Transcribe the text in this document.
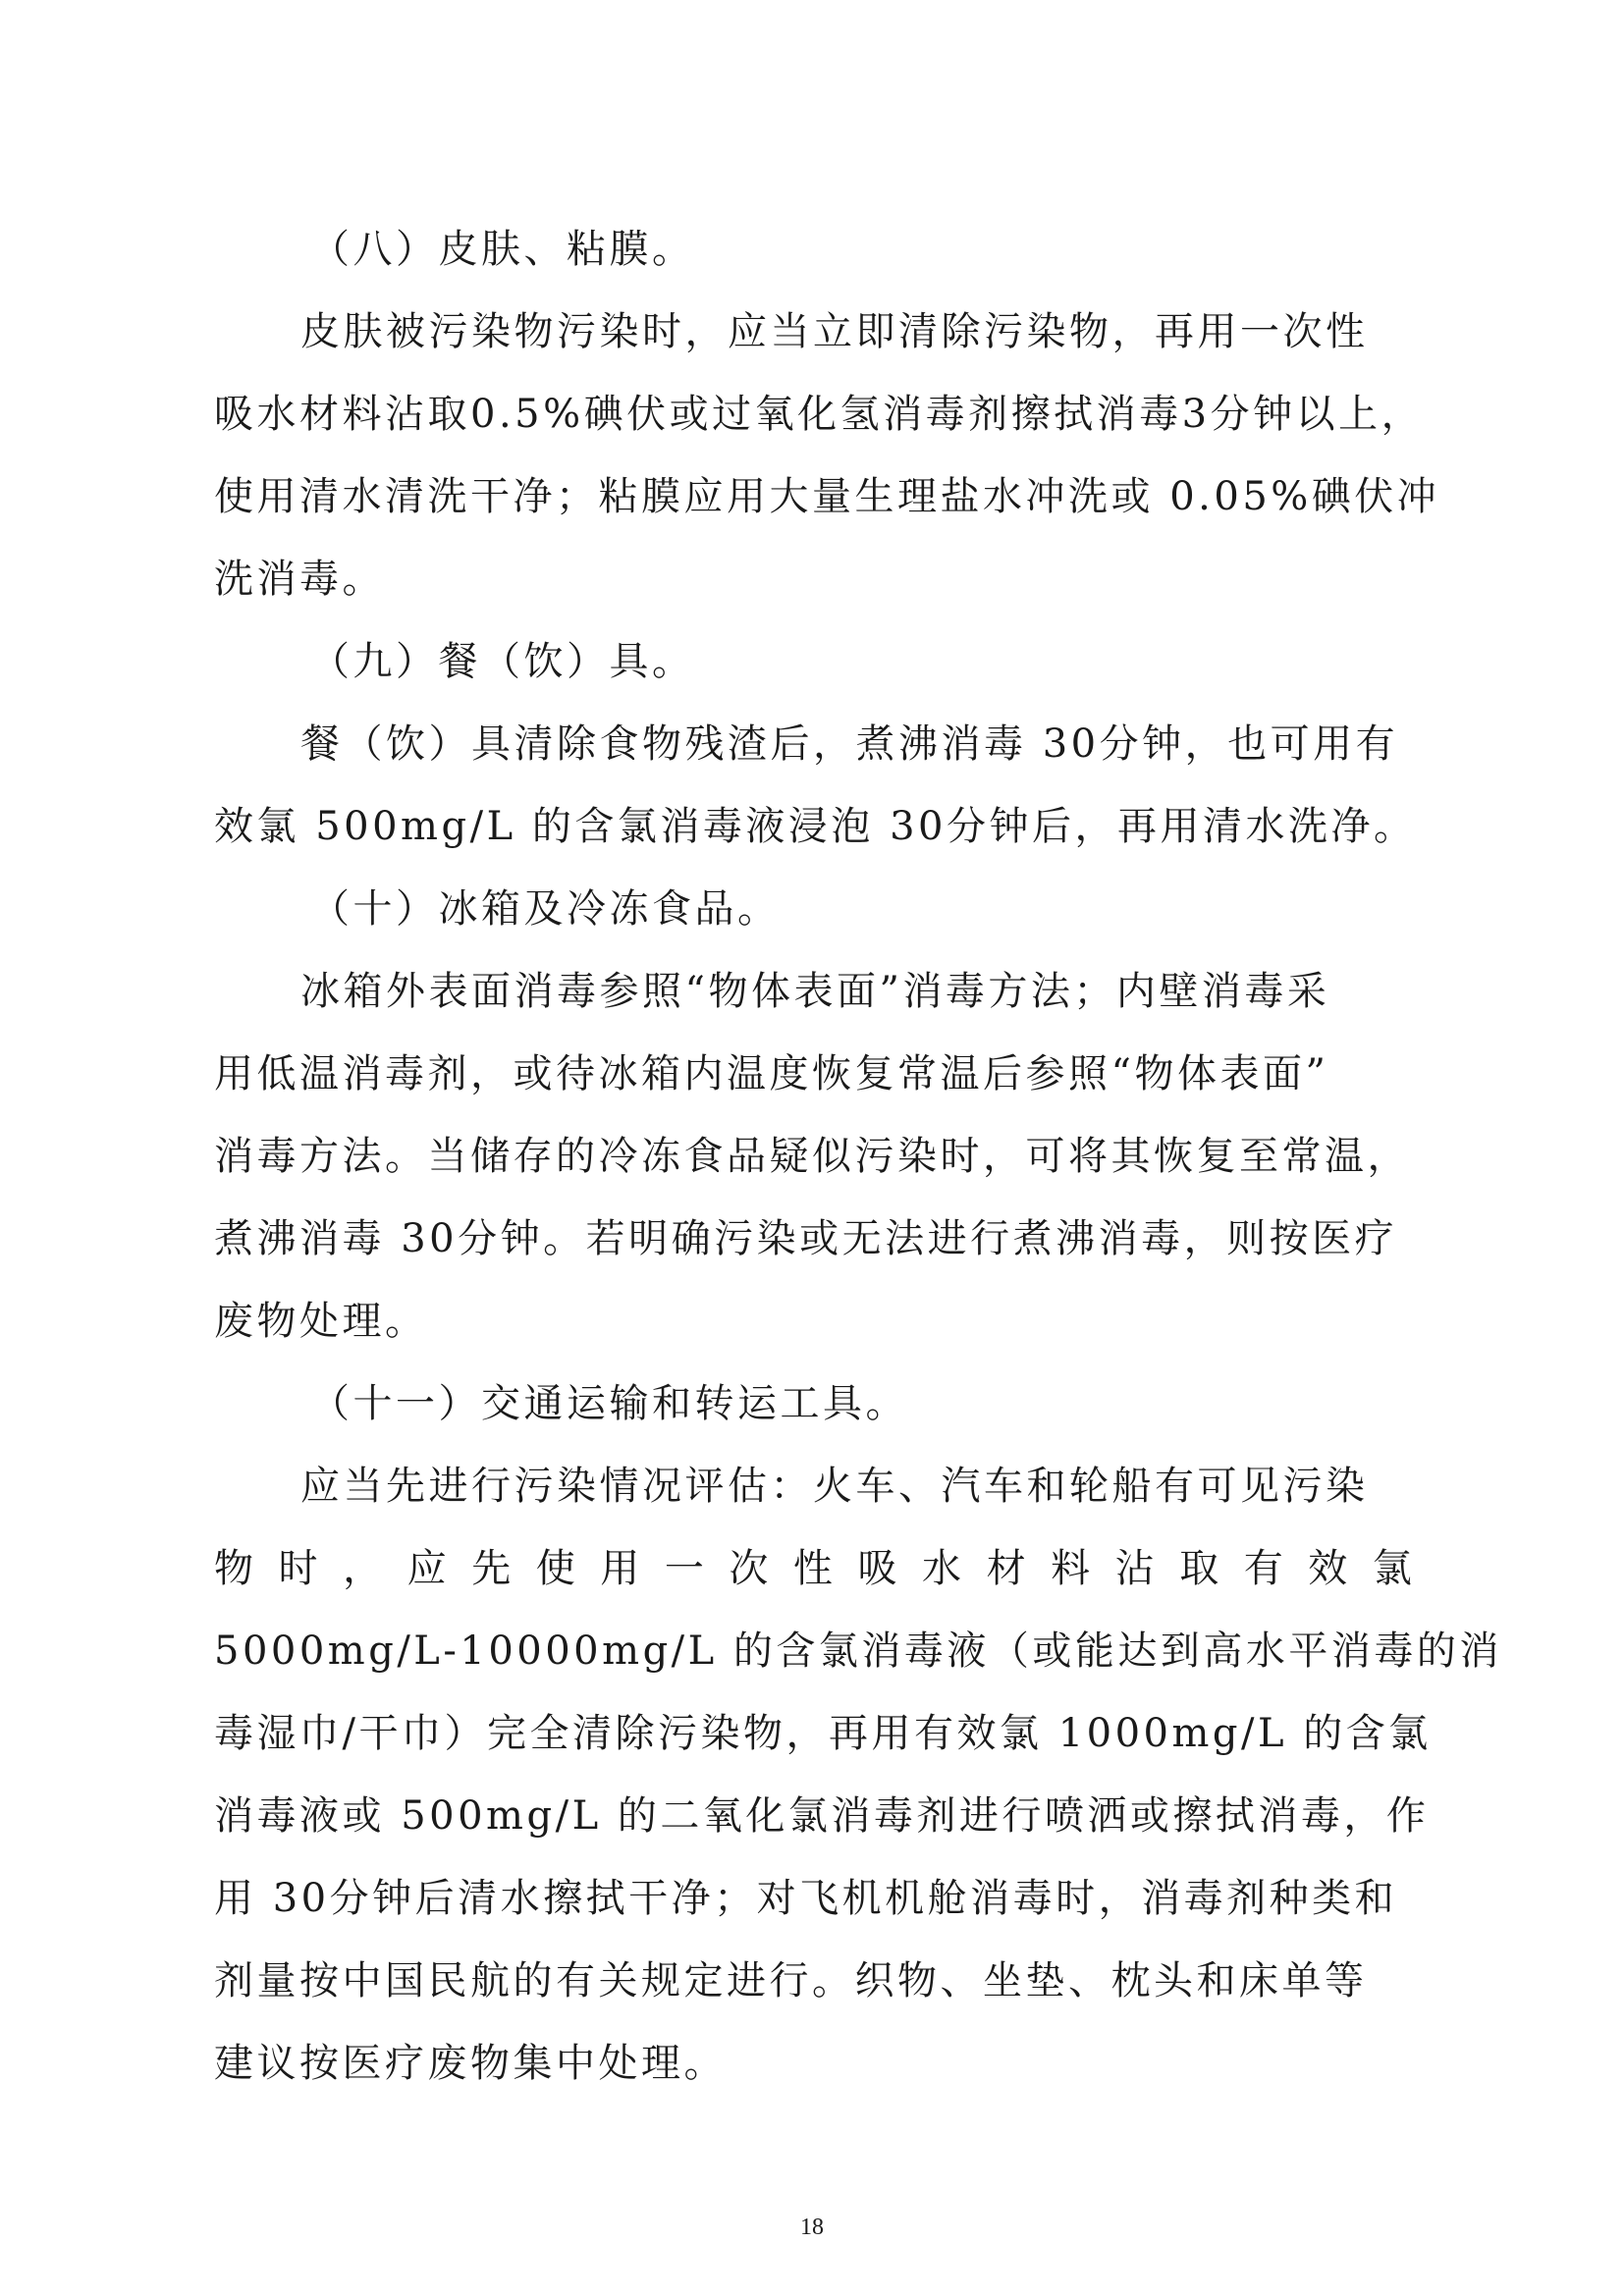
（八）皮肤、粘膜。
皮肤被污染物污染时，应当立即清除污染物，再用一次性
吸水材料沾取0.5%碘伏或过氧化氢消毒剂擦拭消毒3分钟以上，
使用清水清洗干净；粘膜应用大量生理盐水冲洗或 0.05%碘伏冲
洗消毒。
（九）餐（饮）具。
餐（饮）具清除食物残渣后，煮沸消毒 30分钟，也可用有
效氯 500mg/L 的含氯消毒液浸泡 30分钟后，再用清水洗净。
（十）冰箱及冷冻食品。
冰箱外表面消毒参照“物体表面”消毒方法；内壁消毒采
用低温消毒剂，或待冰箱内温度恢复常温后参照“物体表面”
消毒方法。当储存的冷冻食品疑似污染时，可将其恢复至常温，
煮沸消毒 30分钟。若明确污染或无法进行煮沸消毒，则按医疗
废物处理。
（十一）交通运输和转运工具。
应当先进行污染情况评估：火车、汽车和轮船有可见污染
物 时 ， 应 先 使 用 一 次 性 吸 水 材 料 沾 取 有 效 氯
5000mg/L-10000mg/L 的含氯消毒液（或能达到高水平消毒的消
毒湿巾/干巾）完全清除污染物，再用有效氯 1000mg/L 的含氯
消毒液或 500mg/L 的二氧化氯消毒剂进行喷洒或擦拭消毒，作
用 30分钟后清水擦拭干净；对飞机机舱消毒时，消毒剂种类和
剂量按中国民航的有关规定进行。织物、坐垫、枕头和床单等
建议按医疗废物集中处理。
18
